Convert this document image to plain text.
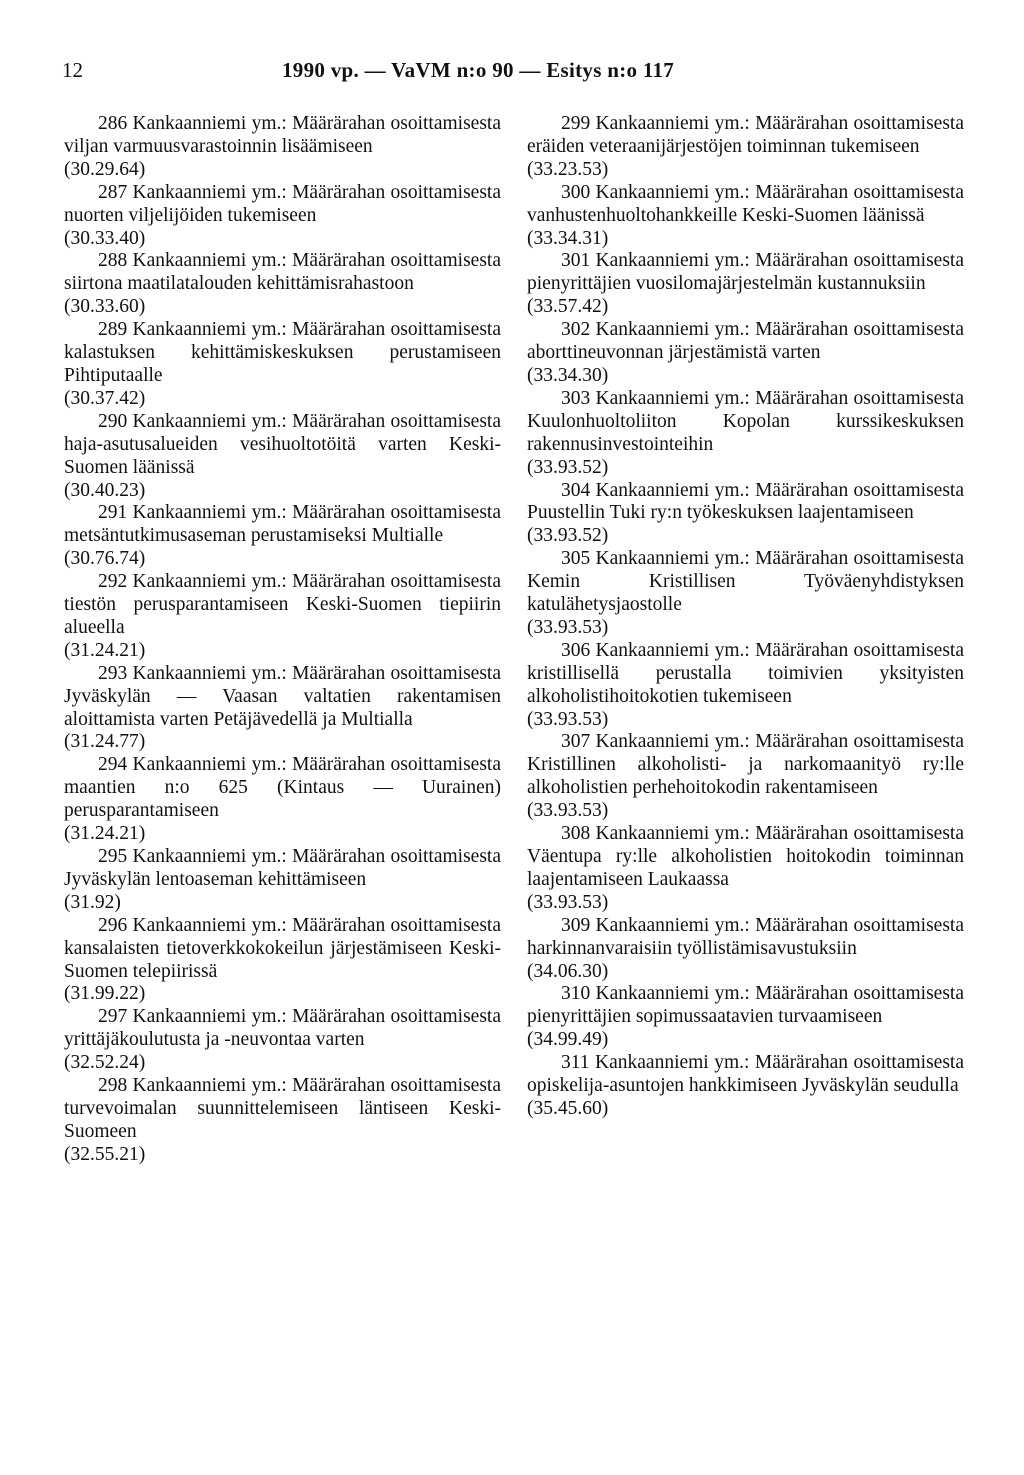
12	1990 vp. — VaVM n:o 90 — Esitys n:o 117
286 Kankaanniemi ym.: Määrärahan osoittamisesta viljan varmuusvarastoinnin lisäämiseen
(30.29.64)
287 Kankaanniemi ym.: Määrärahan osoittamisesta nuorten viljelijöiden tukemiseen
(30.33.40)
288 Kankaanniemi ym.: Määrärahan osoittamisesta siirtona maatilatalouden kehittämisrahastoon
(30.33.60)
289 Kankaanniemi ym.: Määrärahan osoittamisesta kalastuksen kehittämiskeskuksen perustamiseen Pihtiputaalle
(30.37.42)
290 Kankaanniemi ym.: Määrärahan osoittamisesta haja-asutusalueiden vesihuoltotöitä varten Keski-Suomen läänissä
(30.40.23)
291 Kankaanniemi ym.: Määrärahan osoittamisesta metsäntutkimusaseman perustamiseksi Multialle
(30.76.74)
292 Kankaanniemi ym.: Määrärahan osoittamisesta tiestön perusparantamiseen Keski-Suomen tiepiirin alueella
(31.24.21)
293 Kankaanniemi ym.: Määrärahan osoittamisesta Jyväskylän — Vaasan valtatien rakentamisen aloittamista varten Petäjävedellä ja Multialla
(31.24.77)
294 Kankaanniemi ym.: Määrärahan osoittamisesta maantien n:o 625 (Kintaus — Uurainen) perusparantamiseen
(31.24.21)
295 Kankaanniemi ym.: Määrärahan osoittamisesta Jyväskylän lentoaseman kehittämiseen
(31.92)
296 Kankaanniemi ym.: Määrärahan osoittamisesta kansalaisten tietoverkkokokeilun järjestämiseen Keski-Suomen telepiirissä
(31.99.22)
297 Kankaanniemi ym.: Määrärahan osoittamisesta yrittäjäkoulutusta ja -neuvontaa varten
(32.52.24)
298 Kankaanniemi ym.: Määrärahan osoittamisesta turvevoimalan suunnittelemiseen läntiseen Keski-Suomeen
(32.55.21)
299 Kankaanniemi ym.: Määrärahan osoittamisesta eräiden veteraanijärjestöjen toiminnan tukemiseen
(33.23.53)
300 Kankaanniemi ym.: Määrärahan osoittamisesta vanhustenhuoltohankkeille Keski-Suomen läänissä
(33.34.31)
301 Kankaanniemi ym.: Määrärahan osoittamisesta pienyrittäjien vuosilomajärjestelmän kustannuksiin
(33.57.42)
302 Kankaanniemi ym.: Määrärahan osoittamisesta aborttineuvonnan järjestämistä varten
(33.34.30)
303 Kankaanniemi ym.: Määrärahan osoittamisesta Kuulonhuoltoliiton Kopolan kurssikeskuksen rakennusinvestointeihin
(33.93.52)
304 Kankaanniemi ym.: Määrärahan osoittamisesta Puustellin Tuki ry:n työkeskuksen laajentamiseen
(33.93.52)
305 Kankaanniemi ym.: Määrärahan osoittamisesta Kemin Kristillisen Työväenyhdistyksen katulähetysjaostolle
(33.93.53)
306 Kankaanniemi ym.: Määrärahan osoittamisesta kristillisellä perustalla toimivien yksityisten alkoholistihoitokotien tukemiseen
(33.93.53)
307 Kankaanniemi ym.: Määrärahan osoittamisesta Kristillinen alkoholisti- ja narkomaanityö ry:lle alkoholistien perhehoitokodin rakentamiseen
(33.93.53)
308 Kankaanniemi ym.: Määrärahan osoittamisesta Väentupa ry:lle alkoholistien hoitokodin toiminnan laajentamiseen Laukaassa
(33.93.53)
309 Kankaanniemi ym.: Määrärahan osoittamisesta harkinnanvaraisiin työllistämisavustuksiin
(34.06.30)
310 Kankaanniemi ym.: Määrärahan osoittamisesta pienyrittäjien sopimussaatavien turvaamiseen
(34.99.49)
311 Kankaanniemi ym.: Määrärahan osoittamisesta opiskelija-asuntojen hankkimiseen Jyväskylän seudulla
(35.45.60)
